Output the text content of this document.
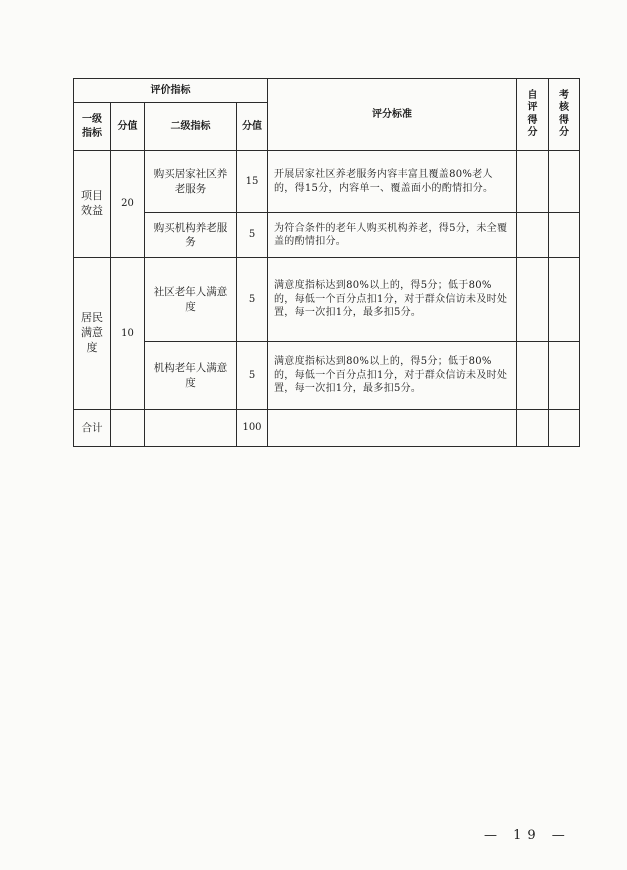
评价指标				评分标准	自评得分	考核得分
一级指标	分值	二级指标	分值			
项目效益	20	购买居家社区养老服务	15	开展居家社区养老服务内容丰富且覆盖80%老人的，得15分，内容单一、覆盖面小的酌情扣分。		
		购买机构养老服务	5	为符合条件的老年人购买机构养老，得5分，未全覆盖的酌情扣分。		
居民满意度	10	社区老年人满意度	5	满意度指标达到80%以上的，得5分；低于80%的，每低一个百分点扣1分，对于群众信访未及时处置，每一次扣1分，最多扣5分。		
		机构老年人满意度	5	满意度指标达到80%以上的，得5分；低于80%的，每低一个百分点扣1分，对于群众信访未及时处置，每一次扣1分，最多扣5分。		
合计			100			
— 19 —
